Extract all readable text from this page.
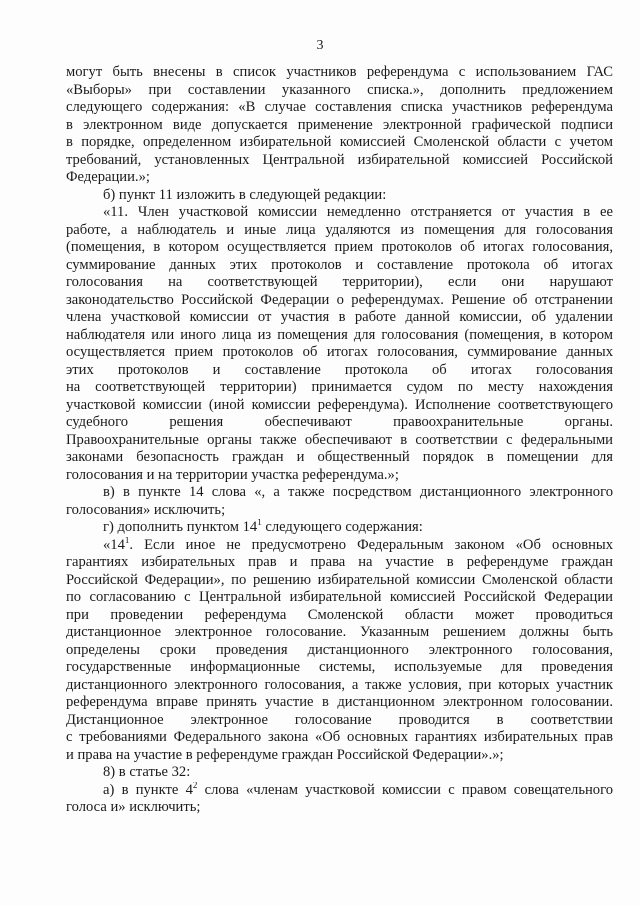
3
могут быть внесены в список участников референдума с использованием ГАС
«Выборы» при составлении указанного списка.», дополнить предложением
следующего содержания: «В случае составления списка участников референдума
в электронном виде допускается применение электронной графической подписи
в порядке, определенном избирательной комиссией Смоленской области с учетом
требований, установленных Центральной избирательной комиссией Российской
Федерации.»;
б) пункт 11 изложить в следующей редакции:
«11. Член участковой комиссии немедленно отстраняется от участия в ее
работе, а наблюдатель и иные лица удаляются из помещения для голосования
(помещения, в котором осуществляется прием протоколов об итогах голосования,
суммирование данных этих протоколов и составление протокола об итогах
голосования на соответствующей территории), если они нарушают
законодательство Российской Федерации о референдумах. Решение об отстранении
члена участковой комиссии от участия в работе данной комиссии, об удалении
наблюдателя или иного лица из помещения для голосования (помещения, в котором
осуществляется прием протоколов об итогах голосования, суммирование данных
этих протоколов и составление протокола об итогах голосования
на соответствующей территории) принимается судом по месту нахождения
участковой комиссии (иной комиссии референдума). Исполнение соответствующего
судебного решения обеспечивают правоохранительные органы.
Правоохранительные органы также обеспечивают в соответствии с федеральными
законами безопасность граждан и общественный порядок в помещении для
голосования и на территории участка референдума.»;
в) в пункте 14 слова «, а также посредством дистанционного электронного
голосования» исключить;
г) дополнить пунктом $14^1$ следующего содержания:
«$14^1$. Если иное не предусмотрено Федеральным законом «Об основных
гарантиях избирательных прав и права на участие в референдуме граждан
Российской Федерации», по решению избирательной комиссии Смоленской области
по согласованию с Центральной избирательной комиссией Российской Федерации
при проведении референдума Смоленской области может проводиться
дистанционное электронное голосование. Указанным решением должны быть
определены сроки проведения дистанционного электронного голосования,
государственные информационные системы, используемые для проведения
дистанционного электронного голосования, а также условия, при которых участник
референдума вправе принять участие в дистанционном электронном голосовании.
Дистанционное электронное голосование проводится в соответствии
с требованиями Федерального закона «Об основных гарантиях избирательных прав
и права на участие в референдуме граждан Российской Федерации».»;
8) в статье 32:
а) в пункте $4^2$ слова «членам участковой комиссии с правом совещательного
голоса и» исключить;
